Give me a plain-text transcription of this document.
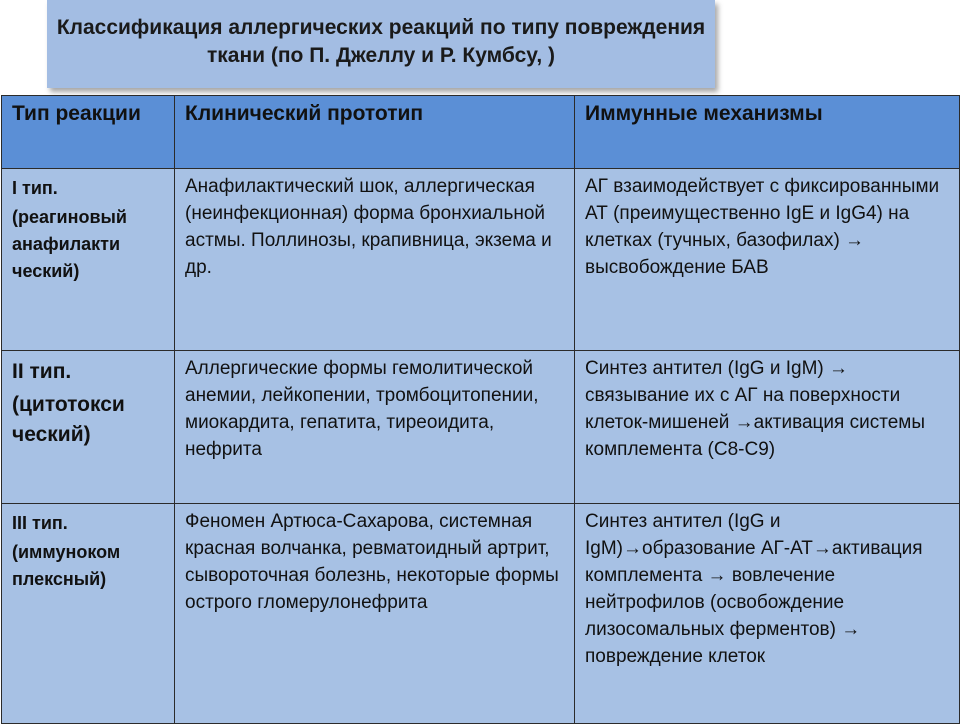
Классификация аллергических реакций по типу повреждения
ткани (по П. Джеллу и Р. Кумбсу, )

Тип реакции	Клинический прототип	Иммунные механизмы

I тип.
(реагиновый анафилакти ческий)	Анафилактический шок, аллергическая (неинфекционная) форма бронхиальной астмы. Поллинозы, крапивница, экзема и др.	АГ взаимодействует с фиксированными АТ (преимущественно IgE и IgG4) на клетках (тучных, базофилах) → высвобождение БАВ

II тип.
(цитотокси ческий)	Аллергические формы гемолитической анемии, лейкопении, тромбоцитопении, миокардита, гепатита, тиреоидита, нефрита	Синтез антител (IgG и IgM) → связывание их с АГ на поверхности клеток-мишеней →активация системы комплемента (С8-С9)

III тип.
(иммуноком плексный)	Феномен Артюса-Сахарова, системная красная волчанка, ревматоидный артрит, сывороточная болезнь, некоторые формы острого гломерулонефрита	Синтез антител (IgG и IgM)→образование АГ-АТ→активация комплемента → вовлечение нейтрофилов (освобождение лизосомальных ферментов) → повреждение клеток
